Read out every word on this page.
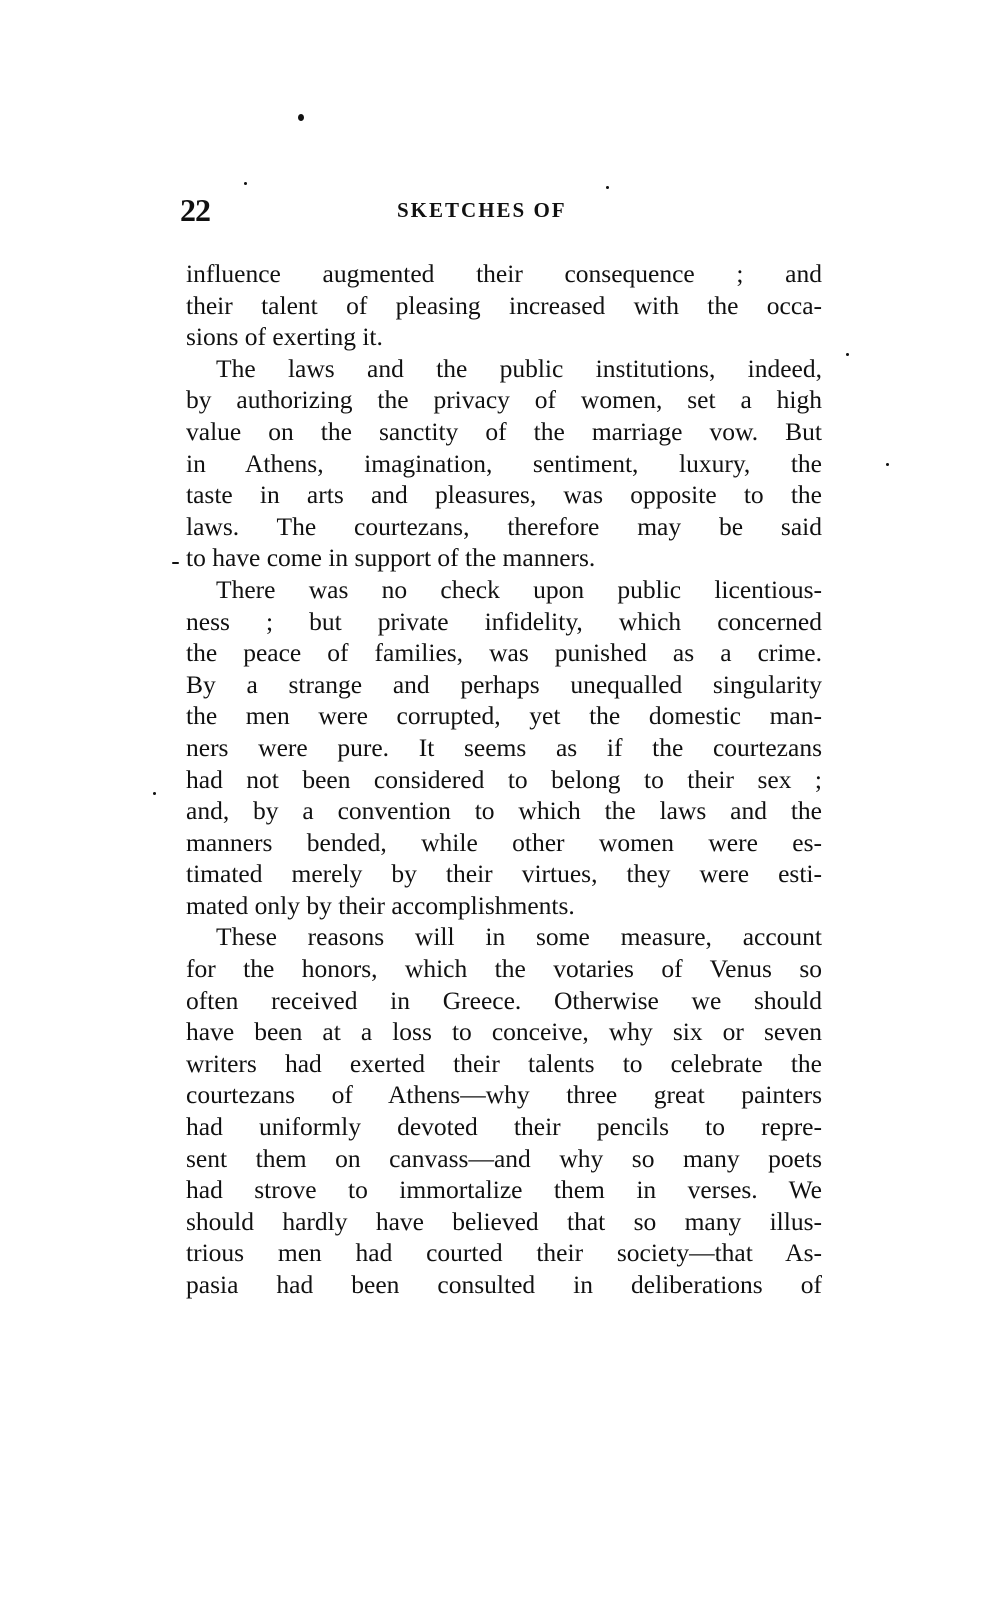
22	SKETCHES OF
influence augmented their consequence ; and
their talent of pleasing increased with the occa-
sions of exerting it.
The laws and the public institutions, indeed,
by authorizing the privacy of women, set a high
value on the sanctity of the marriage vow. But
in Athens, imagination, sentiment, luxury, the
taste in arts and pleasures, was opposite to the
laws. The courtezans, therefore may be said
to have come in support of the manners.
There was no check upon public licentious-
ness ; but private infidelity, which concerned
the peace of families, was punished as a crime.
By a strange and perhaps unequalled singularity
the men were corrupted, yet the domestic man-
ners were pure. It seems as if the courtezans
had not been considered to belong to their sex ;
and, by a convention to which the laws and the
manners bended, while other women were es-
timated merely by their virtues, they were esti-
mated only by their accomplishments.
These reasons will in some measure, account
for the honors, which the votaries of Venus so
often received in Greece. Otherwise we should
have been at a loss to conceive, why six or seven
writers had exerted their talents to celebrate the
courtezans of Athens—why three great painters
had uniformly devoted their pencils to repre-
sent them on canvass—and why so many poets
had strove to immortalize them in verses. We
should hardly have believed that so many illus-
trious men had courted their society—that As-
pasia had been consulted in deliberations of
